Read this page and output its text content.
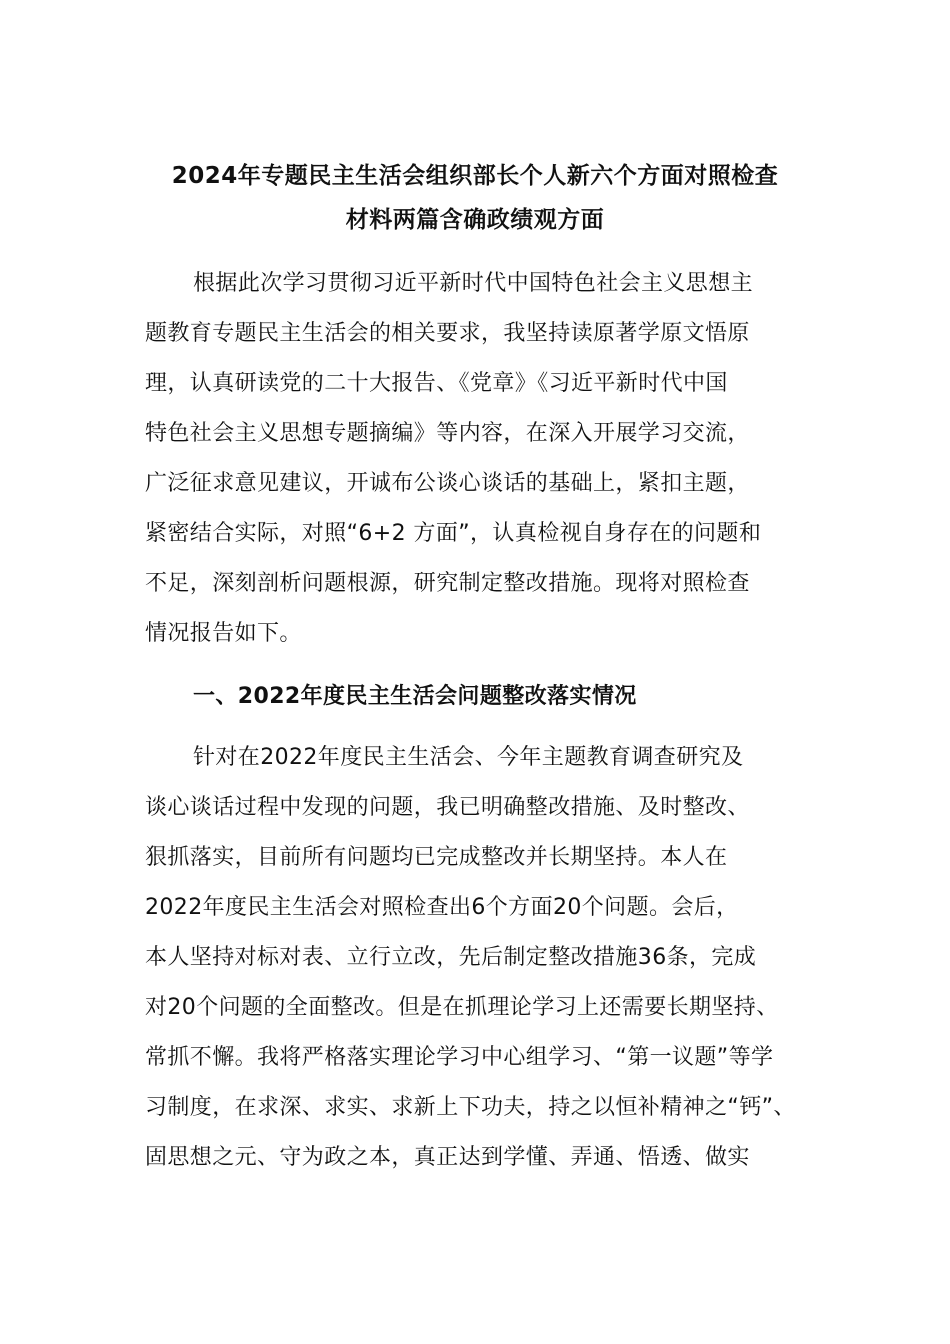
2024年专题民主生活会组织部长个人新六个方面对照检查
材料两篇含确政绩观方面
根据此次学习贯彻习近平新时代中国特色社会主义思想主
题教育专题民主生活会的相关要求，我坚持读原著学原文悟原
理，认真研读党的二十大报告、《党章》《习近平新时代中国
特色社会主义思想专题摘编》等内容，在深入开展学习交流，
广泛征求意见建议，开诚布公谈心谈话的基础上，紧扣主题，
紧密结合实际，对照“6+2 方面”，认真检视自身存在的问题和
不足，深刻剖析问题根源，研究制定整改措施。现将对照检查
情况报告如下。
一、2022年度民主生活会问题整改落实情况
针对在2022年度民主生活会、今年主题教育调查研究及
谈心谈话过程中发现的问题，我已明确整改措施、及时整改、
狠抓落实，目前所有问题均已完成整改并长期坚持。本人在
2022年度民主生活会对照检查出6个方面20个问题。会后，
本人坚持对标对表、立行立改，先后制定整改措施36条，完成
对20个问题的全面整改。但是在抓理论学习上还需要长期坚持、
常抓不懈。我将严格落实理论学习中心组学习、“第一议题”等学
习制度，在求深、求实、求新上下功夫，持之以恒补精神之“钙”、
固思想之元、守为政之本，真正达到学懂、弄通、悟透、做实
